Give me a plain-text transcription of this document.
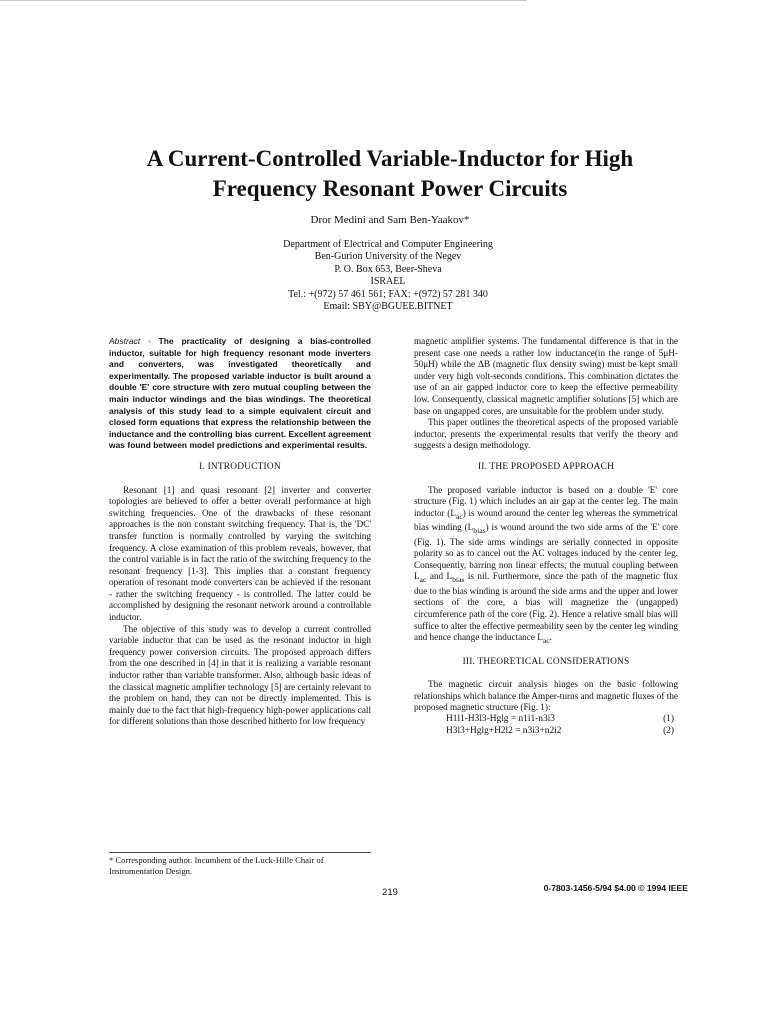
A Current-Controlled Variable-Inductor for High
Frequency Resonant Power Circuits
Dror Medini and Sam Ben-Yaakov*
Department of Electrical and Computer Engineering
Ben-Gurion University of the Negev
P. O. Box 653, Beer-Sheva
ISRAEL
Tel.: +(972) 57 461 561; FAX: +(972) 57 281 340
Email: SBY@BGUEE.BITNET

Abstract - The practicality of designing a bias-controlled inductor, suitable for high frequency resonant mode inverters and converters, was investigated theoretically and experimentally. The proposed variable inductor is built around a double 'E' core structure with zero mutual coupling between the main inductor windings and the bias windings. The theoretical analysis of this study lead to a simple equivalent circuit and closed form equations that express the relationship between the inductance and the controlling bias current. Excellent agreement was found between model predictions and experimental results.

I. INTRODUCTION

Resonant [1] and quasi resonant [2] inverter and converter topologies are believed to offer a better overall performance at high switching frequencies. One of the drawbacks of these resonant approaches is the non constant switching frequency. That is, the 'DC' transfer function is normally controlled by varying the switching frequency. A close examination of this problem reveals, however, that the control variable is in fact the ratio of the switching frequency to the resonant frequency [1-3]. This implies that a constant frequency operation of resonant mode converters can be achieved if the resonant - rather the switching frequency - is controlled. The latter could be accomplished by designing the resonant network around a controllable inductor.

The objective of this study was to develop a current controlled variable inductor that can be used as the resonant inductor in high frequency power conversion circuits. The proposed approach differs from the one described in [4] in that it is realizing a variable resonant inductor rather than variable transformer. Also, although basic ideas of the classical magnetic amplifier technology [5] are certainly relevant to the problem on hand, they can not be directly implemented. This is mainly due to the fact that high-frequency high-power applications call for different solutions than those described hitherto for low frequency

magnetic amplifier systems. The fundamental difference is that in the present case one needs a rather low inductance(in the range of 5μH-50μH) while the ΔB (magnetic flux density swing) must be kept small under very high volt-seconds conditions. This combination dictates the use of an air gapped inductor core to keep the effective permeability low. Consequently, classical magnetic amplifier solutions [5] which are base on ungapped cores, are unsuitable for the problem under study.

This paper outlines the theoretical aspects of the proposed variable inductor, presents the experimental results that verify the theory and suggests a design methodology.

II. THE PROPOSED APPROACH

The proposed variable inductor is based on a double 'E' core structure (Fig. 1) which includes an air gap at the center leg. The main inductor $(L_{ac})$ is wound around the center leg whereas the symmetrical bias winding $(L_{bias})$ is wound around the two side arms of the 'E' core (Fig. 1). The side arms windings are serially connected in opposite polarity so as to cancel out the AC voltages induced by the center leg. Consequently, barring non linear effects, the mutual coupling between $L_{ac}$ and $L_{bias}$ is nil. Furthermore, since the path of the magnetic flux due to the bias winding is around the side arms and the upper and lower sections of the core, a bias will magnetize the (ungapped) circumference path of the core (Fig. 2). Hence a relative small bias will suffice to alter the effective permeability seen by the center leg winding and hence change the inductance $L_{ac}$.

III. THEORETICAL CONSIDERATIONS

The magnetic circuit analysis hinges on the basic following relationships which balance the Amper-turns and magnetic fluxes of the proposed magnetic structure (Fig. 1):

H1l1-H3l3-Hglg = n1i1-n3i3	(1)
H3l3+Hglg+H2l2 = n3i3+n2i2	(2)
* Corresponding author. Incumbent of the Luck-Hille Chair of Instrumentation Design.
219	0-7803-1456-5/94 $4.00 © 1994 IEEE
